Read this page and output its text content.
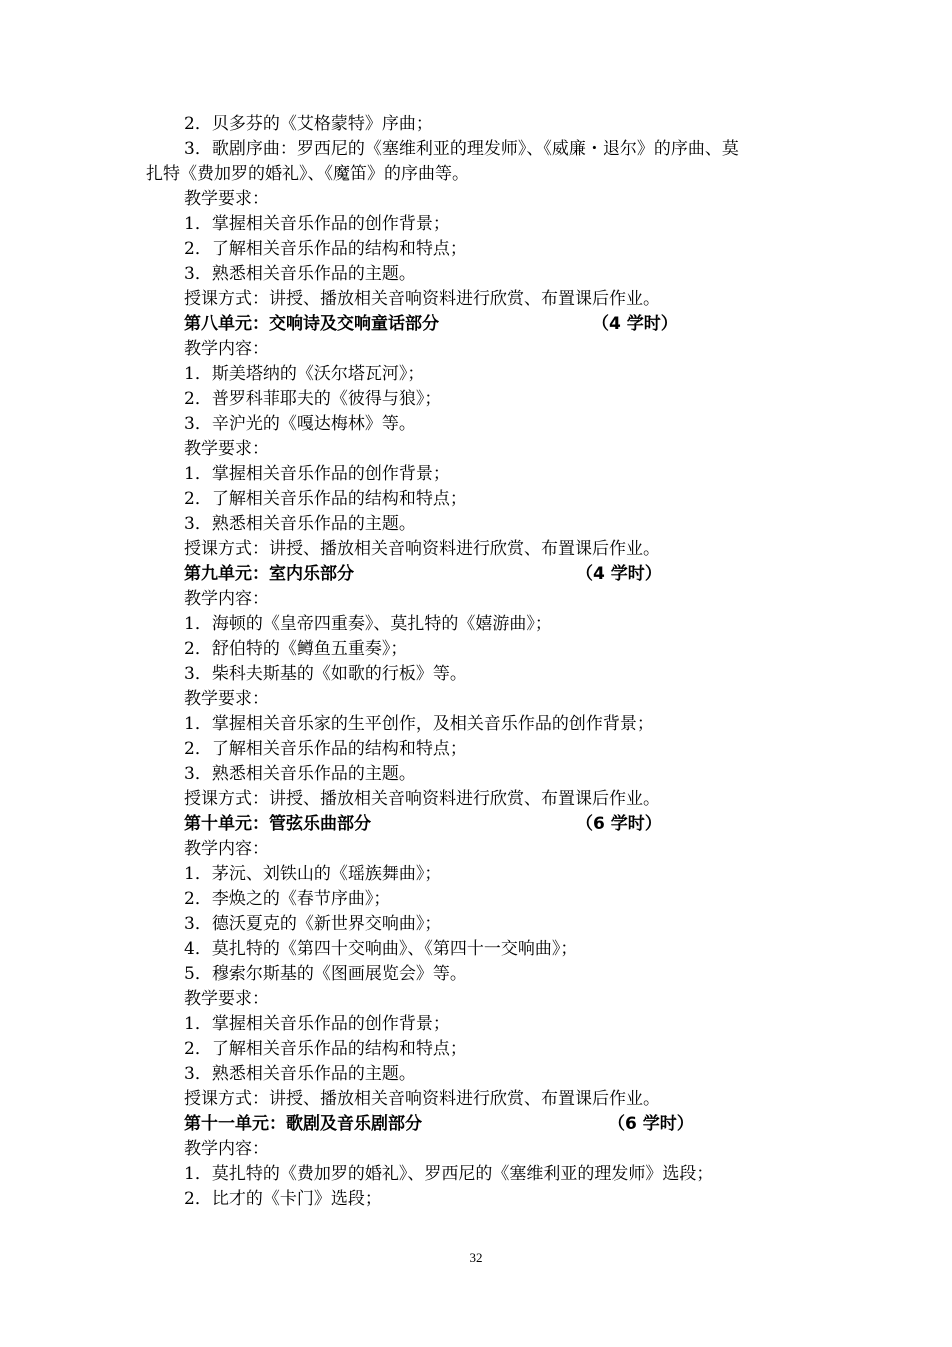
2．贝多芬的《艾格蒙特》序曲；
3．歌剧序曲：罗西尼的《塞维利亚的理发师》、《威廉・退尔》的序曲、莫
扎特《费加罗的婚礼》、《魔笛》的序曲等。
教学要求：
1．掌握相关音乐作品的创作背景；
2．了解相关音乐作品的结构和特点；
3．熟悉相关音乐作品的主题。
授课方式：讲授、播放相关音响资料进行欣赏、布置课后作业。
第八单元：交响诗及交响童话部分	（4 学时）
教学内容：
1．斯美塔纳的《沃尔塔瓦河》；
2．普罗科菲耶夫的《彼得与狼》；
3．辛沪光的《嘎达梅林》等。
教学要求：
1．掌握相关音乐作品的创作背景；
2．了解相关音乐作品的结构和特点；
3．熟悉相关音乐作品的主题。
授课方式：讲授、播放相关音响资料进行欣赏、布置课后作业。
第九单元：室内乐部分	（4 学时）
教学内容：
1．海顿的《皇帝四重奏》、莫扎特的《嬉游曲》；
2．舒伯特的《鳟鱼五重奏》；
3．柴科夫斯基的《如歌的行板》等。
教学要求：
1．掌握相关音乐家的生平创作，及相关音乐作品的创作背景；
2．了解相关音乐作品的结构和特点；
3．熟悉相关音乐作品的主题。
授课方式：讲授、播放相关音响资料进行欣赏、布置课后作业。
第十单元：管弦乐曲部分	（6 学时）
教学内容：
1．茅沅、刘铁山的《瑶族舞曲》；
2．李焕之的《春节序曲》；
3．德沃夏克的《新世界交响曲》；
4．莫扎特的《第四十交响曲》、《第四十一交响曲》；
5．穆索尔斯基的《图画展览会》等。
教学要求：
1．掌握相关音乐作品的创作背景；
2．了解相关音乐作品的结构和特点；
3．熟悉相关音乐作品的主题。
授课方式：讲授、播放相关音响资料进行欣赏、布置课后作业。
第十一单元：歌剧及音乐剧部分	（6 学时）
教学内容：
1．莫扎特的《费加罗的婚礼》、罗西尼的《塞维利亚的理发师》选段；
2．比才的《卡门》选段；
32
